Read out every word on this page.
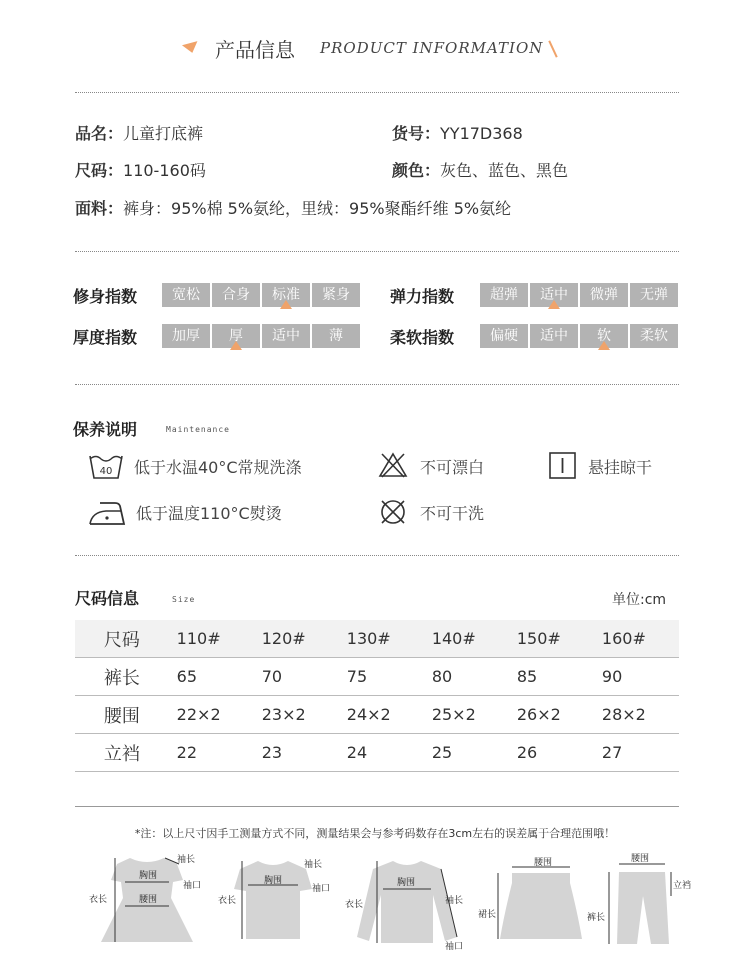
产品信息 PRODUCT INFORMATION
品名：儿童打底裤	货号：YY17D368
尺码：110-160码	颜色：灰色、蓝色、黑色
面料：裤身：95%棉 5%氨纶，里绒：95%聚酯纤维 5%氨纶
修身指数	宽松	合身	标准	紧身	弹力指数	超弹	适中	微弹	无弹
厚度指数	加厚	厚	适中	薄	柔软指数	偏硬	适中	软	柔软
保养说明	Maintenance
40 低于水温40°C常规洗涤	不可漂白	悬挂晾干
低于温度110°C熨烫	不可干洗
尺码信息	Size	单位:cm
尺码	110#	120#	130#	140#	150#	160#
裤长	65	70	75	80	85	90
腰围	22×2	23×2	24×2	25×2	26×2	28×2
立裆	22	23	24	25	26	27
*注：以上尺寸因手工测量方式不同，测量结果会与参考码数存在3cm左右的误差属于合理范围哦！
胸围
袖长
袖口
腰围
衣长
胸围
袖长
袖口
衣长
胸围
衣长	袖长
袖口
腰围
裙长
腰围
立裆
裤长
